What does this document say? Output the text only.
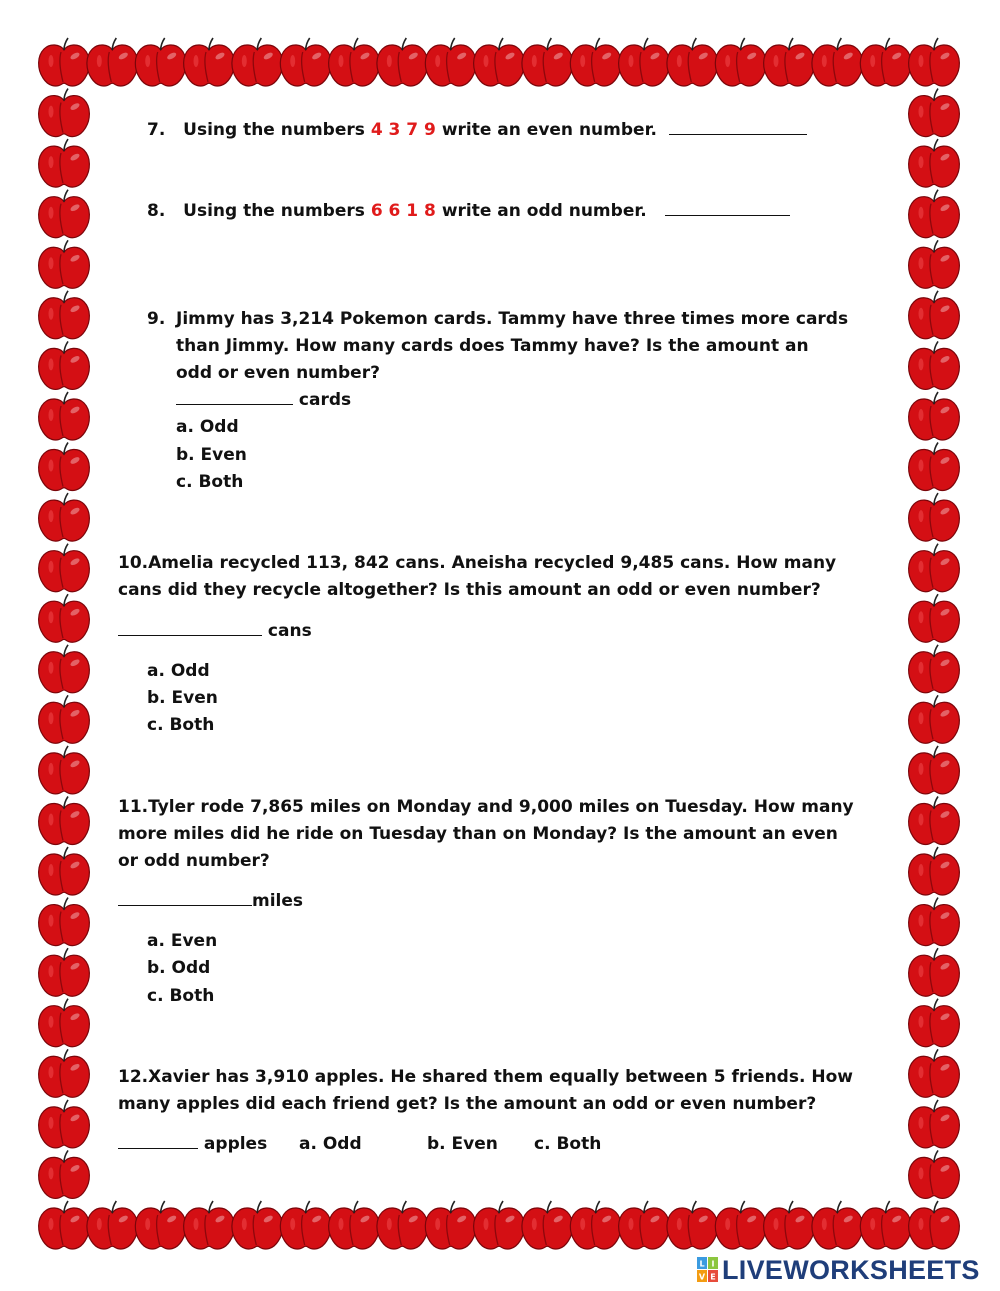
7. Using the numbers 4 3 7 9 write an even number.
8. Using the numbers 6 6 1 8 write an odd number.
9. Jimmy has 3,214 Pokemon cards. Tammy have three times more cards
than Jimmy. How many cards does Tammy have? Is the amount an
odd or even number?
cards
a. Odd
b. Even
c. Both
10.Amelia recycled 113, 842 cans. Aneisha recycled 9,485 cans. How many
cans did they recycle altogether? Is this amount an odd or even number?
cans
a. Odd
b. Even
c. Both
11.Tyler rode 7,865 miles on Monday and 9,000 miles on Tuesday. How many
more miles did he ride on Tuesday than on Monday? Is the amount an even
or odd number?
miles
a. Even
b. Odd
c. Both
12.Xavier has 3,910 apples. He shared them equally between 5 friends. How
many apples did each friend get? Is the amount an odd or even number?
apples a. Odd	b. Even c. Both
L I
V E LIVEWORKSHEETS
